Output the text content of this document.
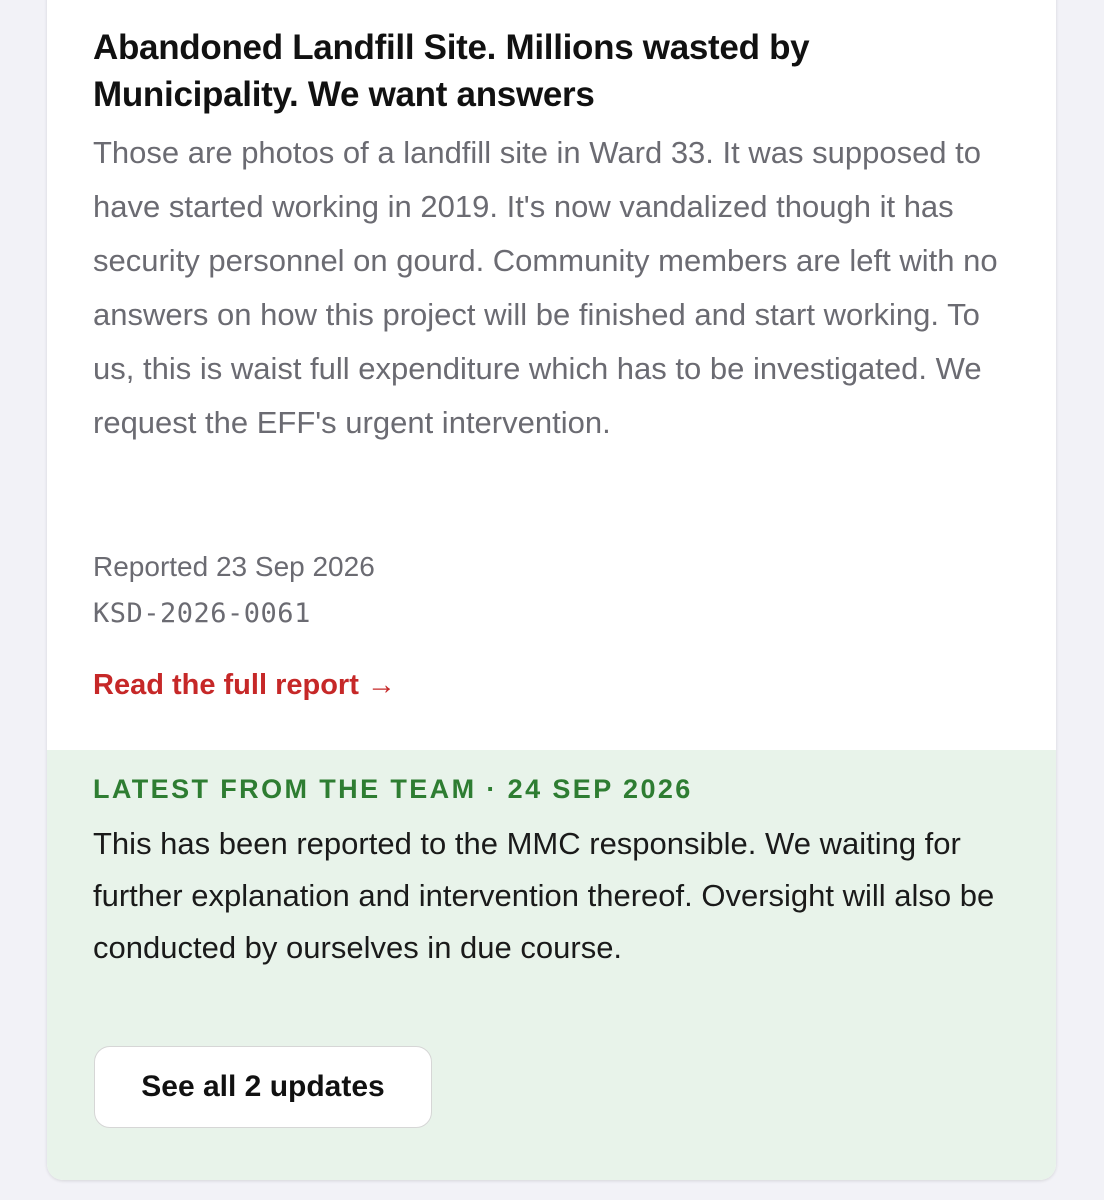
Abandoned Landfill Site. Millions wasted by Municipality. We want answers

Those are photos of a landfill site in Ward 33. It was supposed to have started working in 2019. It's now vandalized though it has security personnel on gourd. Community members are left with no answers on how this project will be finished and start working. To us, this is waist full expenditure which has to be investigated. We request the EFF's urgent intervention.

Reported 23 Sep 2026
KSD-2026-0061
Read the full report →
LATEST FROM THE TEAM · 24 SEP 2026

This has been reported to the MMC responsible. We waiting for further explanation and intervention thereof. Oversight will also be conducted by ourselves in due course.

See all 2 updates
